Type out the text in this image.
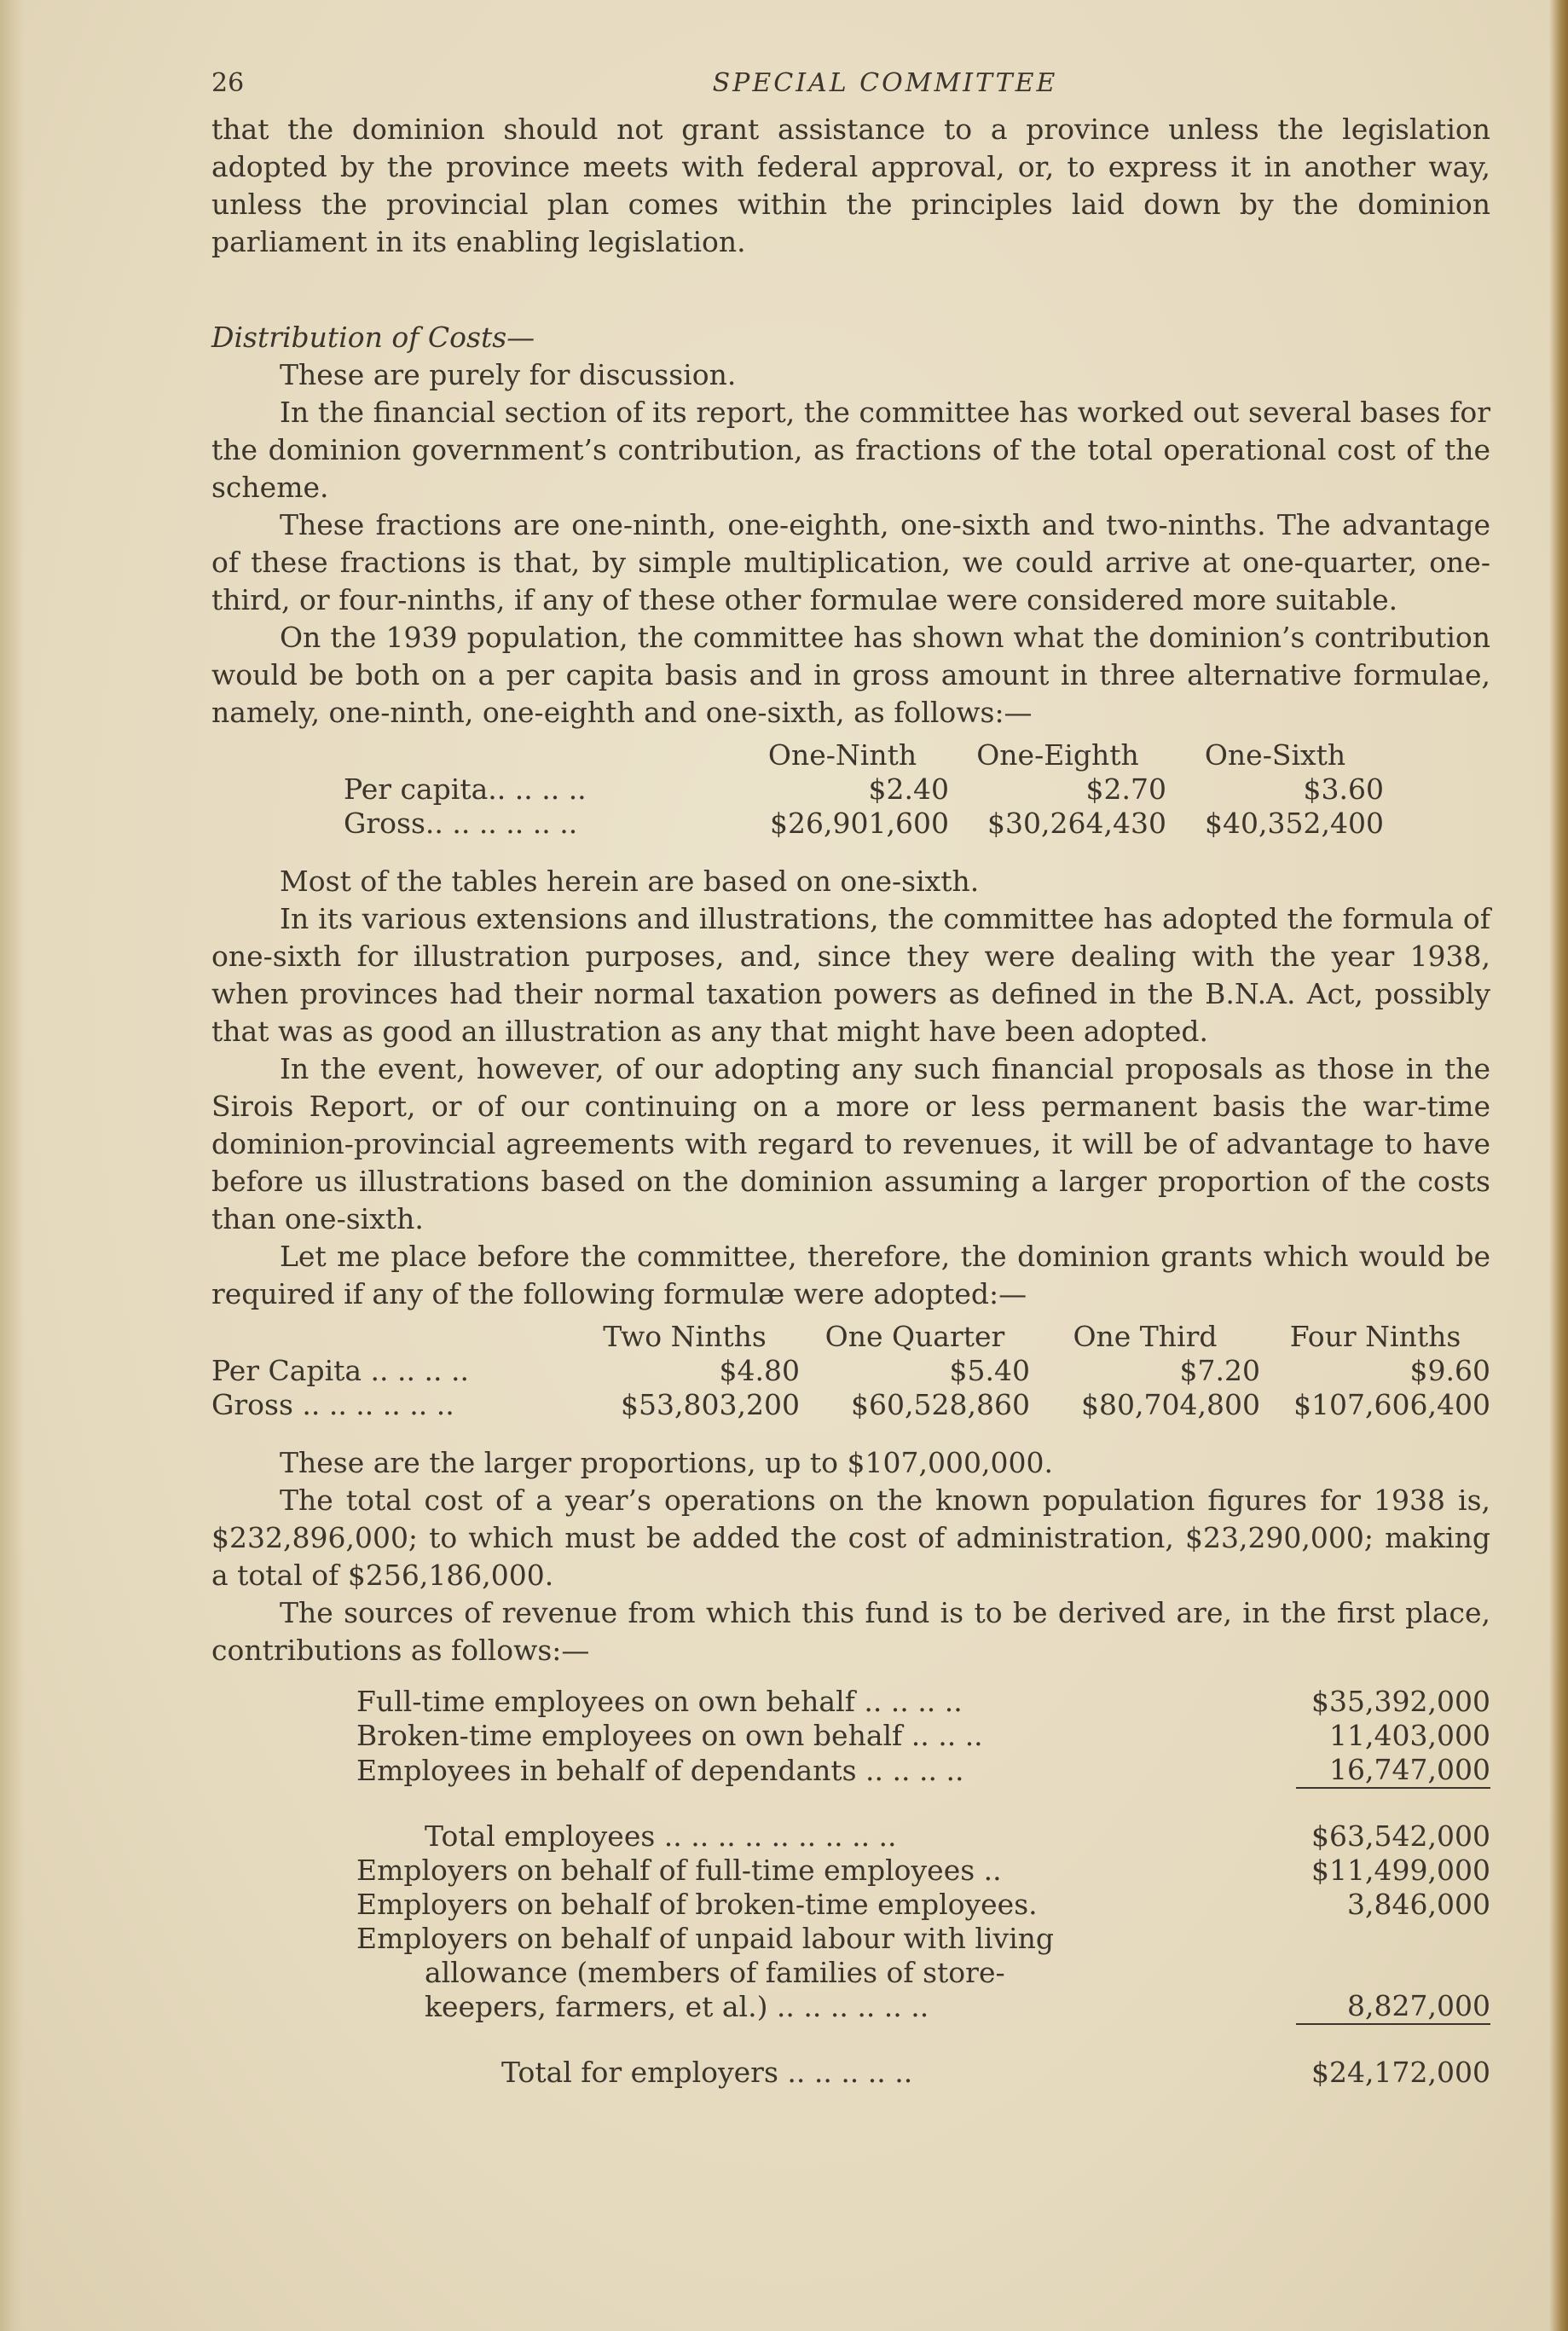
26	SPECIAL COMMITTEE

that the dominion should not grant assistance to a province unless the legislation adopted by the province meets with federal approval, or, to express it in another way, unless the provincial plan comes within the principles laid down by the dominion parliament in its enabling legislation.

Distribution of Costs—

These are purely for discussion.

In the financial section of its report, the committee has worked out several bases for the dominion government’s contribution, as fractions of the total operational cost of the scheme.

These fractions are one-ninth, one-eighth, one-sixth and two-ninths. The advantage of these fractions is that, by simple multiplication, we could arrive at one-quarter, one-third, or four-ninths, if any of these other formulae were considered more suitable.

On the 1939 population, the committee has shown what the dominion’s contribution would be both on a per capita basis and in gross amount in three alternative formulae, namely, one-ninth, one-eighth and one-sixth, as follows:—

	One-Ninth	One-Eighth	One-Sixth
Per capita.. .. .. ..	$2.40	$2.70	$3.60
Gross.. .. .. .. .. ..	$26,901,600	$30,264,430	$40,352,400

Most of the tables herein are based on one-sixth.

In its various extensions and illustrations, the committee has adopted the formula of one-sixth for illustration purposes, and, since they were dealing with the year 1938, when provinces had their normal taxation powers as defined in the B.N.A. Act, possibly that was as good an illustration as any that might have been adopted.

In the event, however, of our adopting any such financial proposals as those in the Sirois Report, or of our continuing on a more or less permanent basis the war-time dominion-provincial agreements with regard to revenues, it will be of advantage to have before us illustrations based on the dominion assuming a larger proportion of the costs than one-sixth.

Let me place before the committee, therefore, the dominion grants which would be required if any of the following formulæ were adopted:—

	Two Ninths	One Quarter	One Third	Four Ninths
Per Capita .. .. .. ..	$4.80	$5.40	$7.20	$9.60
Gross .. .. .. .. .. ..	$53,803,200	$60,528,860	$80,704,800	$107,606,400

These are the larger proportions, up to $107,000,000.

The total cost of a year’s operations on the known population figures for 1938 is, $232,896,000; to which must be added the cost of administration, $23,290,000; making a total of $256,186,000.

The sources of revenue from which this fund is to be derived are, in the first place, contributions as follows:—

Full-time employees on own behalf .. .. .. ..	$35,392,000
Broken-time employees on own behalf .. .. ..	11,403,000
Employees in behalf of dependants .. .. .. ..	16,747,000

Total employees .. .. .. .. .. .. .. .. ..	$63,542,000
Employers on behalf of full-time employees ..	$11,499,000
Employers on behalf of broken-time employees.	3,846,000
Employers on behalf of unpaid labour with living

allowance (members of families of store-
keepers, farmers, et al.) .. .. .. .. .. ..	8,827,000

Total for employers .. .. .. .. ..	$24,172,000
